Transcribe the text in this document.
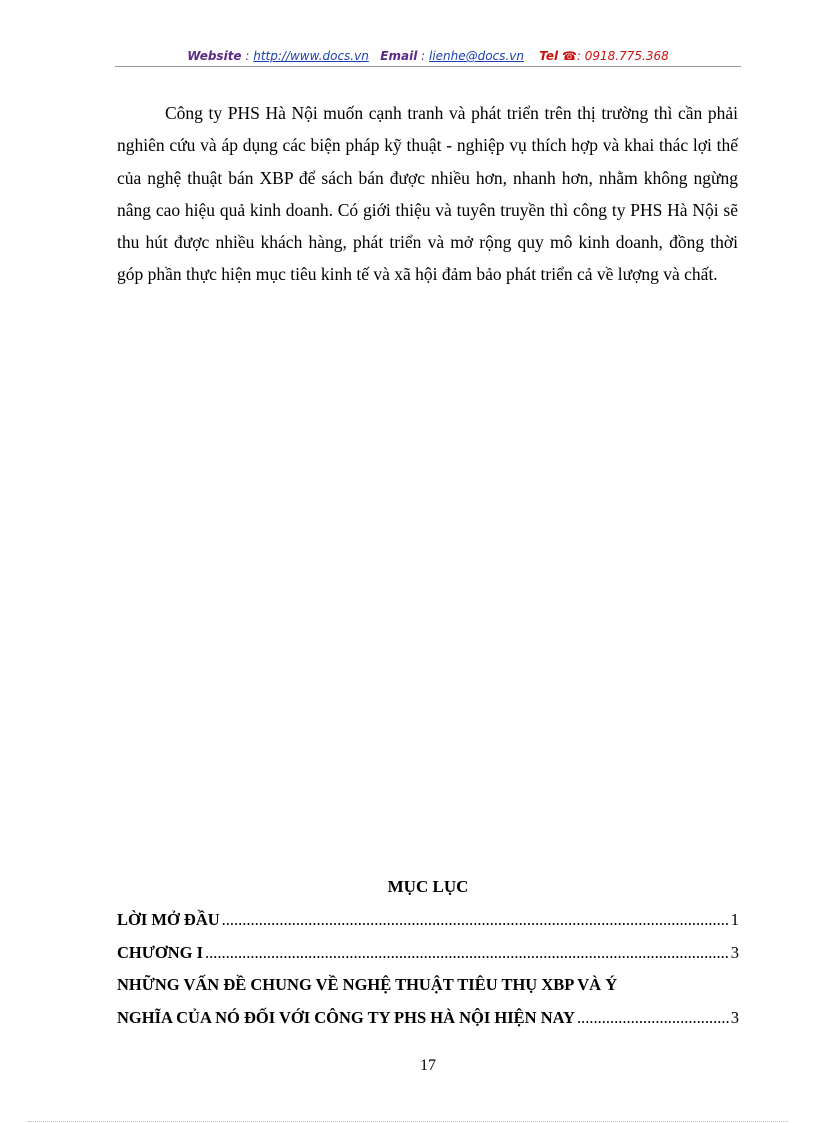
Website : http://www.docs.vn Email : lienhe@docs.vn Tel ☎: 0918.775.368

Công ty PHS Hà Nội muốn cạnh tranh và phát triển trên thị trường thì cần phải nghiên cứu và áp dụng các biện pháp kỹ thuật - nghiệp vụ thích hợp và khai thác lợi thế của nghệ thuật bán XBP để sách bán được nhiều hơn, nhanh hơn, nhằm không ngừng nâng cao hiệu quả kinh doanh. Có giới thiệu và tuyên truyền thì công ty PHS Hà Nội sẽ thu hút được nhiều khách hàng, phát triển và mở rộng quy mô kinh doanh, đồng thời góp phần thực hiện mục tiêu kinh tế và xã hội đảm bảo phát triển cả về lượng và chất.

MỤC LỤC
LỜI MỞ ĐẦU .....	1
CHƯƠNG I .....	3
NHỮNG VẤN ĐỀ CHUNG VỀ NGHỆ THUẬT TIÊU THỤ XBP VÀ Ý
NGHĨA CỦA NÓ ĐỐI VỚI CÔNG TY PHS HÀ NỘI HIỆN NAY .....	3
17
